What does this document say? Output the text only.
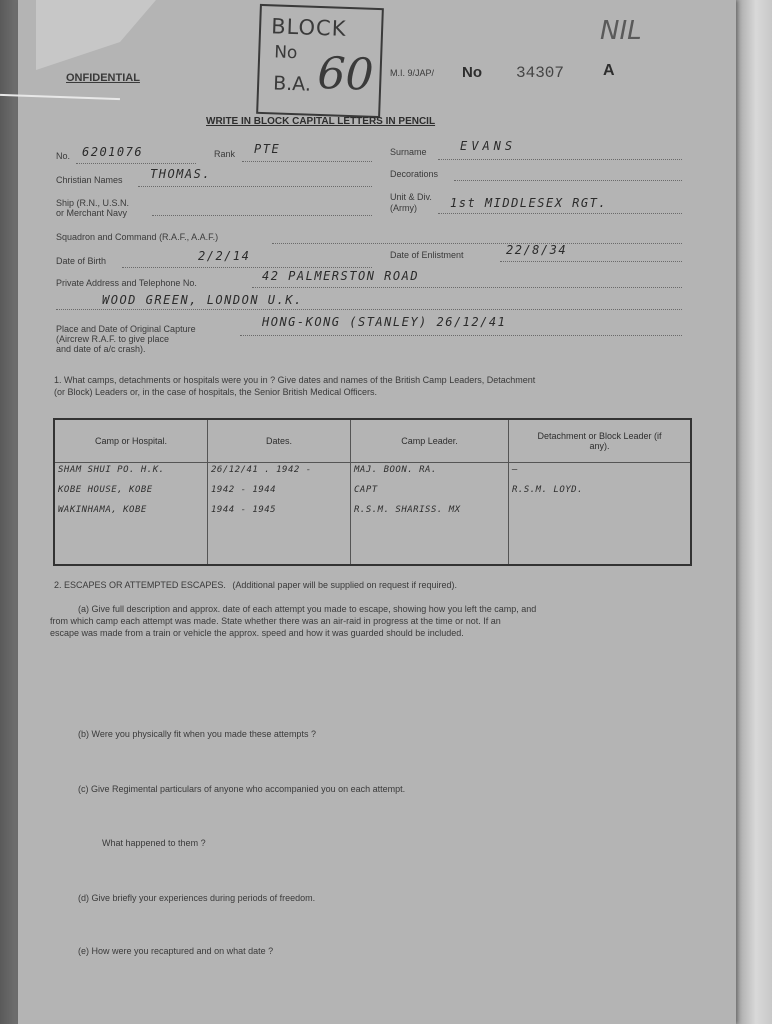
ONFIDENTIAL
BLOCK
No
B.A. 60 M.I. 9/JAP/ No 34307 A
NIL
WRITE IN BLOCK CAPITAL LETTERS IN PENCIL
No. 6201076	Rank PTE	Surname	EVANS
Christian Names THOMAS.	Decorations
Ship (R.N., U.S.N.
or Merchant Navy
Unit & Div.
(Army)	1st MIDDLESEX RGT.
Squadron and Command (R.A.F., A.A.F.)
Date of Birth	2/2/14	Date of Enlistment	22/8/34
Private Address and Telephone No.	42 PALMERSTON ROAD
WOOD GREEN, LONDON U.K.
Place and Date of Original Capture
(Aircrew R.A.F. to give place
and date of a/c crash).
HONG-KONG (STANLEY) 26/12/41
1. What camps, detachments or hospitals were you in ? Give dates and names of the British Camp Leaders, Detachment
(or Block) Leaders or, in the case of hospitals, the Senior British Medical Officers.
Camp or Hospital.	Dates.	Camp Leader.	Detachment or Block Leader (if any).
SHAM SHUI PO. H.K.	26/12/41 . 1942 -	MAJ. BOON. RA.	—
KOBE HOUSE, KOBE	1942 - 1944	CAPT	R.S.M. LOYD.
WAKINHAMA, KOBE	1944 - 1945	R.S.M. SHARISS. MX	

2. ESCAPES OR ATTEMPTED ESCAPES. (Additional paper will be supplied on request if required).
(a) Give full description and approx. date of each attempt you made to escape, showing how you left the camp, and
from which camp each attempt was made. State whether there was an air-raid in progress at the time or not. If an
escape was made from a train or vehicle the approx. speed and how it was guarded should be included.
(b) Were you physically fit when you made these attempts ?
(c) Give Regimental particulars of anyone who accompanied you on each attempt.
What happened to them ?
(d) Give briefly your experiences during periods of freedom.
(e) How were you recaptured and on what date ?
